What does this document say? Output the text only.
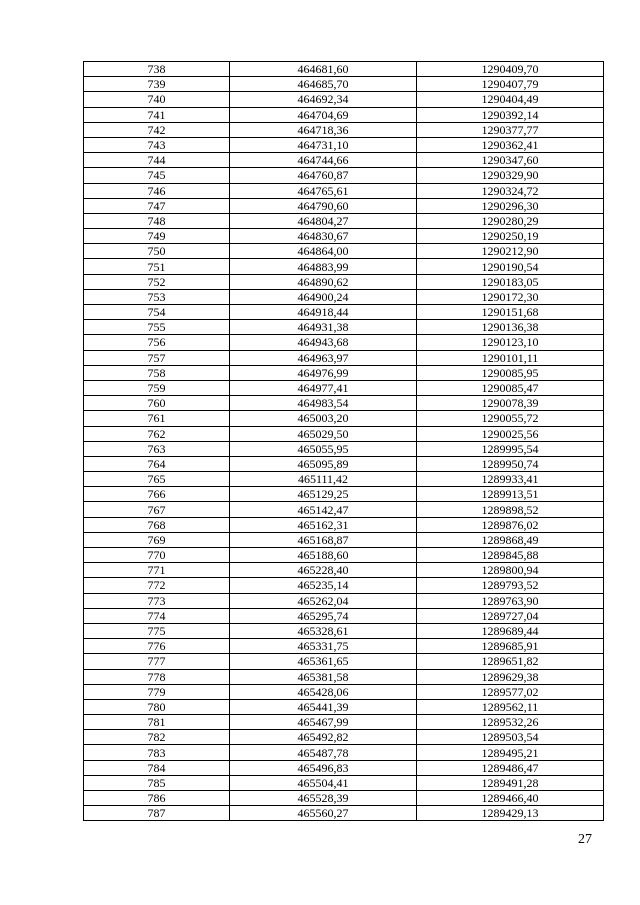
738	464681,60	1290409,70
739	464685,70	1290407,79
740	464692,34	1290404,49
741	464704,69	1290392,14
742	464718,36	1290377,77
743	464731,10	1290362,41
744	464744,66	1290347,60
745	464760,87	1290329,90
746	464765,61	1290324,72
747	464790,60	1290296,30
748	464804,27	1290280,29
749	464830,67	1290250,19
750	464864,00	1290212,90
751	464883,99	1290190,54
752	464890,62	1290183,05
753	464900,24	1290172,30
754	464918,44	1290151,68
755	464931,38	1290136,38
756	464943,68	1290123,10
757	464963,97	1290101,11
758	464976,99	1290085,95
759	464977,41	1290085,47
760	464983,54	1290078,39
761	465003,20	1290055,72
762	465029,50	1290025,56
763	465055,95	1289995,54
764	465095,89	1289950,74
765	465111,42	1289933,41
766	465129,25	1289913,51
767	465142,47	1289898,52
768	465162,31	1289876,02
769	465168,87	1289868,49
770	465188,60	1289845,88
771	465228,40	1289800,94
772	465235,14	1289793,52
773	465262,04	1289763,90
774	465295,74	1289727,04
775	465328,61	1289689,44
776	465331,75	1289685,91
777	465361,65	1289651,82
778	465381,58	1289629,38
779	465428,06	1289577,02
780	465441,39	1289562,11
781	465467,99	1289532,26
782	465492,82	1289503,54
783	465487,78	1289495,21
784	465496,83	1289486,47
785	465504,41	1289491,28
786	465528,39	1289466,40
787	465560,27	1289429,13
27
